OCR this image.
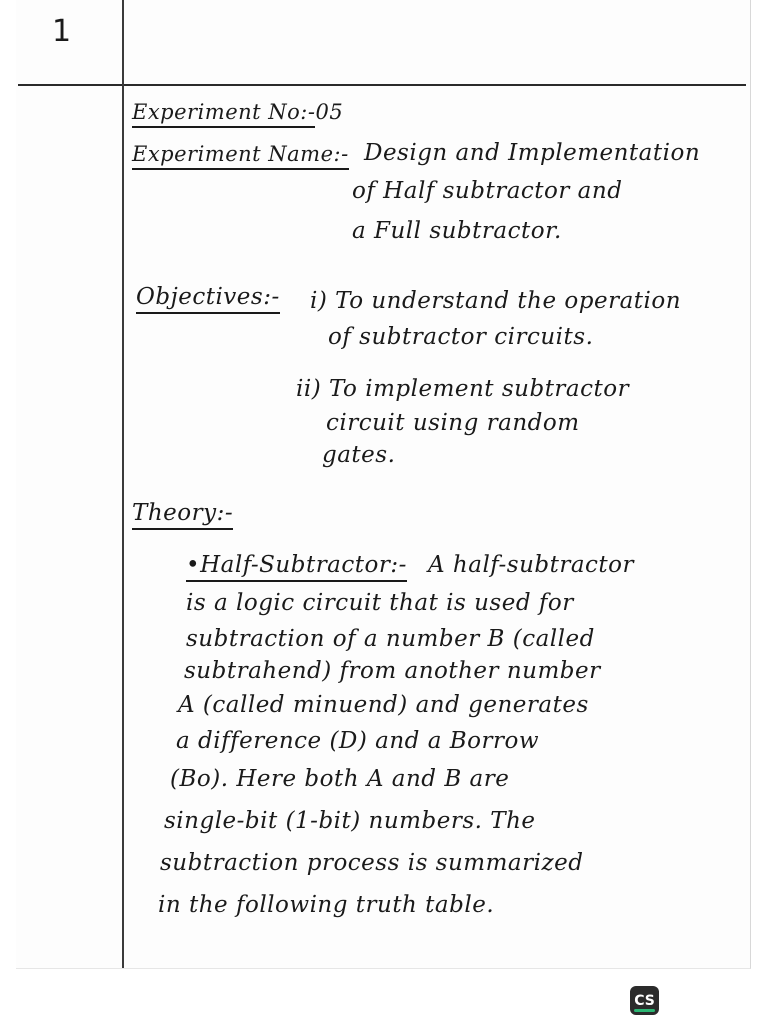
1
Experiment No:-05
Experiment Name:- Design and Implementation
of Half subtractor and
a Full subtractor.
Objectives:- i) To understand the operation
of subtractor circuits.
ii) To implement subtractor
circuit using random
gates.
Theory:-
•Half-Subtractor:- A half-subtractor
is a logic circuit that is used for
subtraction of a number B (called
subtrahend) from another number
A (called minuend) and generates
a difference (D) and a Borrow
(Bo). Here both A and B are
single-bit (1-bit) numbers. The
subtraction process is summarized
in the following truth table.
CS
